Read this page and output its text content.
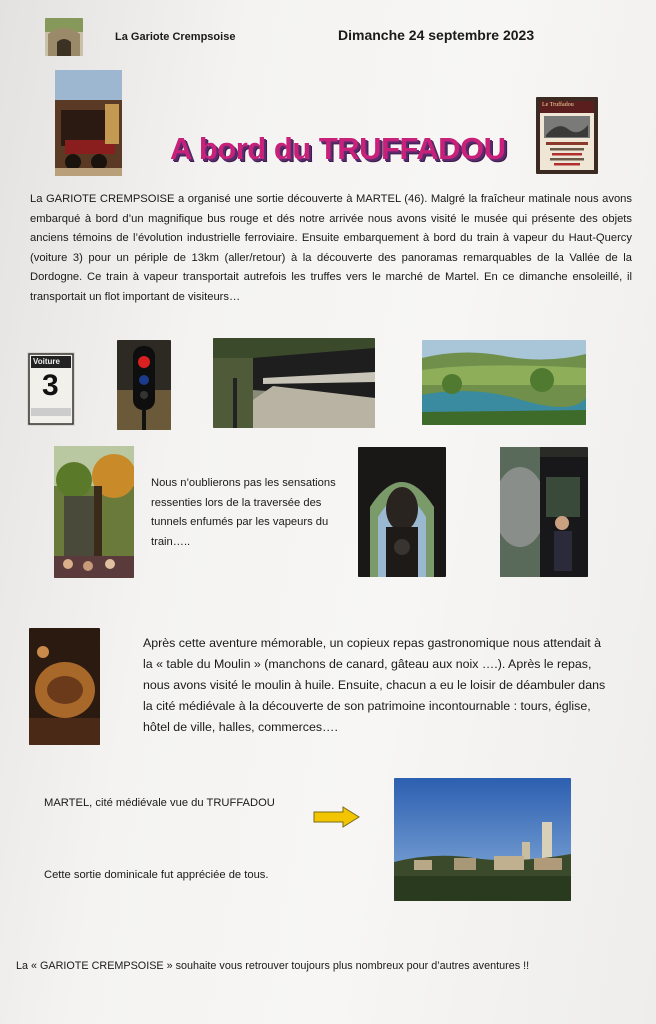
La Gariote Crempsoise	Dimanche 24 septembre 2023
Le Truffadou
A bord du TRUFFADOU
La GARIOTE CREMPSOISE a organisé une sortie découverte à MARTEL (46). Malgré la fraîcheur matinale nous avons embarqué à bord d’un magnifique bus rouge et dés notre arrivée nous avons visité le musée qui présente des objets anciens témoins de l’évolution industrielle ferroviaire. Ensuite embarquement à bord du train à vapeur du Haut-Quercy (voiture 3) pour un périple de 13km (aller/retour) à la découverte des panoramas remarquables de la Vallée de la Dordogne. Ce train à vapeur transportait autrefois les truffes vers le marché de Martel. En ce dimanche ensoleillé, il transportait un flot important de visiteurs…
Voiture
3
Nous n’oublierons pas les sensations ressenties lors de la traversée des tunnels enfumés par les vapeurs du train…..
Après cette aventure mémorable, un copieux repas gastronomique nous attendait à la « table du Moulin » (manchons de canard, gâteau aux noix ….). Après le repas, nous avons visité le moulin à huile. Ensuite, chacun a eu le loisir de déambuler dans la cité médiévale à la découverte de son patrimoine incontournable : tours, église, hôtel de ville, halles, commerces….
MARTEL, cité médiévale vue du TRUFFADOU
Cette sortie dominicale fut appréciée de tous.
La « GARIOTE CREMPSOISE » souhaite vous retrouver toujours plus nombreux pour d’autres aventures !!
